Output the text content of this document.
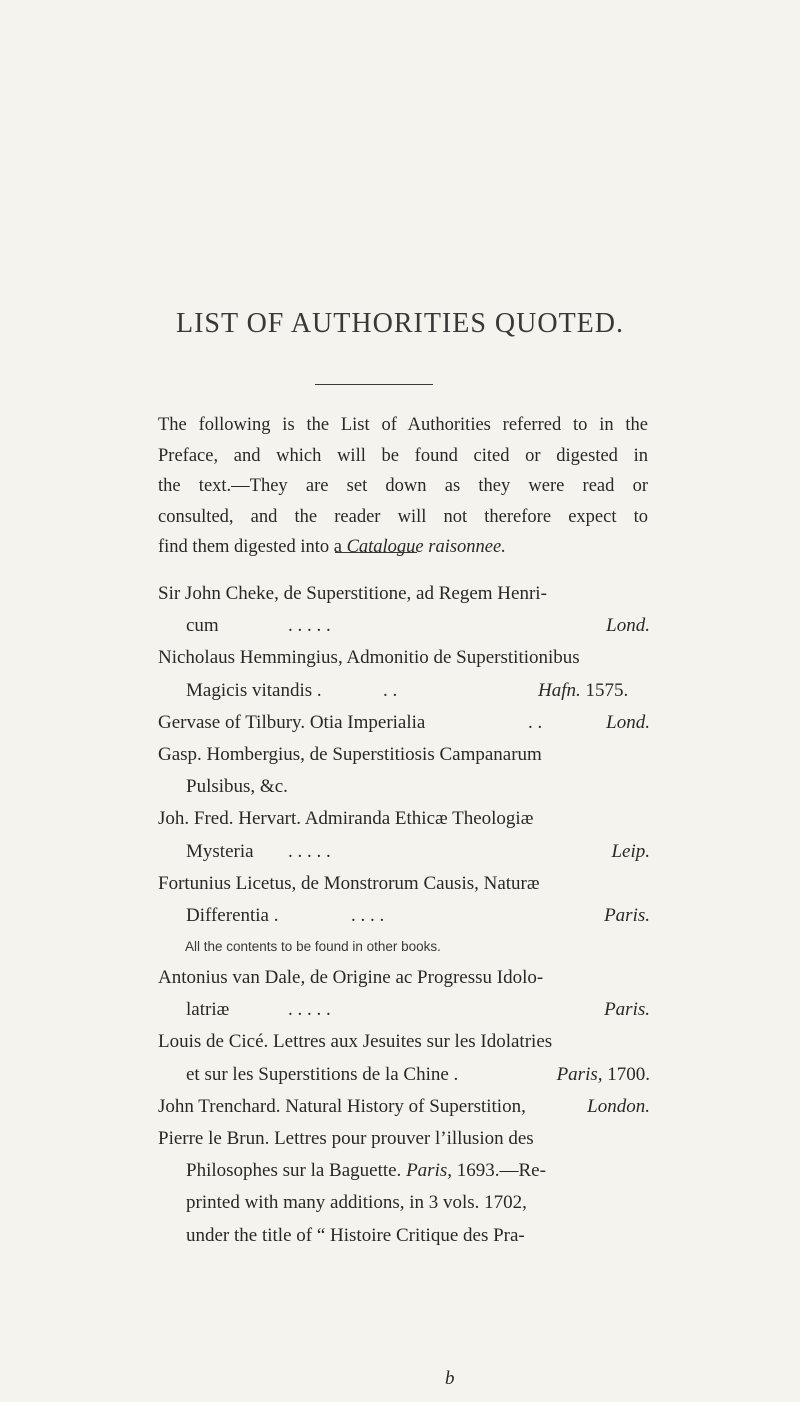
LIST OF AUTHORITIES QUOTED.
The following is the List of Authorities referred to in the
Preface, and which will be found cited or digested in
the text.—They are set down as they were read or
consulted, and the reader will not therefore expect to
find them digested into a Catalogue raisonnee.
Sir John Cheke, de Superstitione, ad Regem Henri-
cum	. . . . .	Lond.
Nicholaus Hemmingius, Admonitio de Superstitionibus
Magicis vitandis .	. .	Hafn. 1575.
Gervase of Tilbury. Otia Imperialia	. .	Lond.
Gasp. Hombergius, de Superstitiosis Campanarum
Pulsibus, &c.
Joh. Fred. Hervart. Admiranda Ethicæ Theologiæ
Mysteria . . . . .	Leip.
Fortunius Licetus, de Monstrorum Causis, Naturæ
Differentia .	. . . .	Paris.
All the contents to be found in other books.
Antonius van Dale, de Origine ac Progressu Idolo-
latriæ	. . . . .	Paris.
Louis de Cicé. Lettres aux Jesuites sur les Idolatries
et sur les Superstitions de la Chine .	Paris, 1700.
John Trenchard. Natural History of Superstition,	London.
Pierre le Brun. Lettres pour prouver l’illusion des
Philosophes sur la Baguette. Paris, 1693.—Re-
printed with many additions, in 3 vols. 1702,
under the title of “ Histoire Critique des Pra-
b
